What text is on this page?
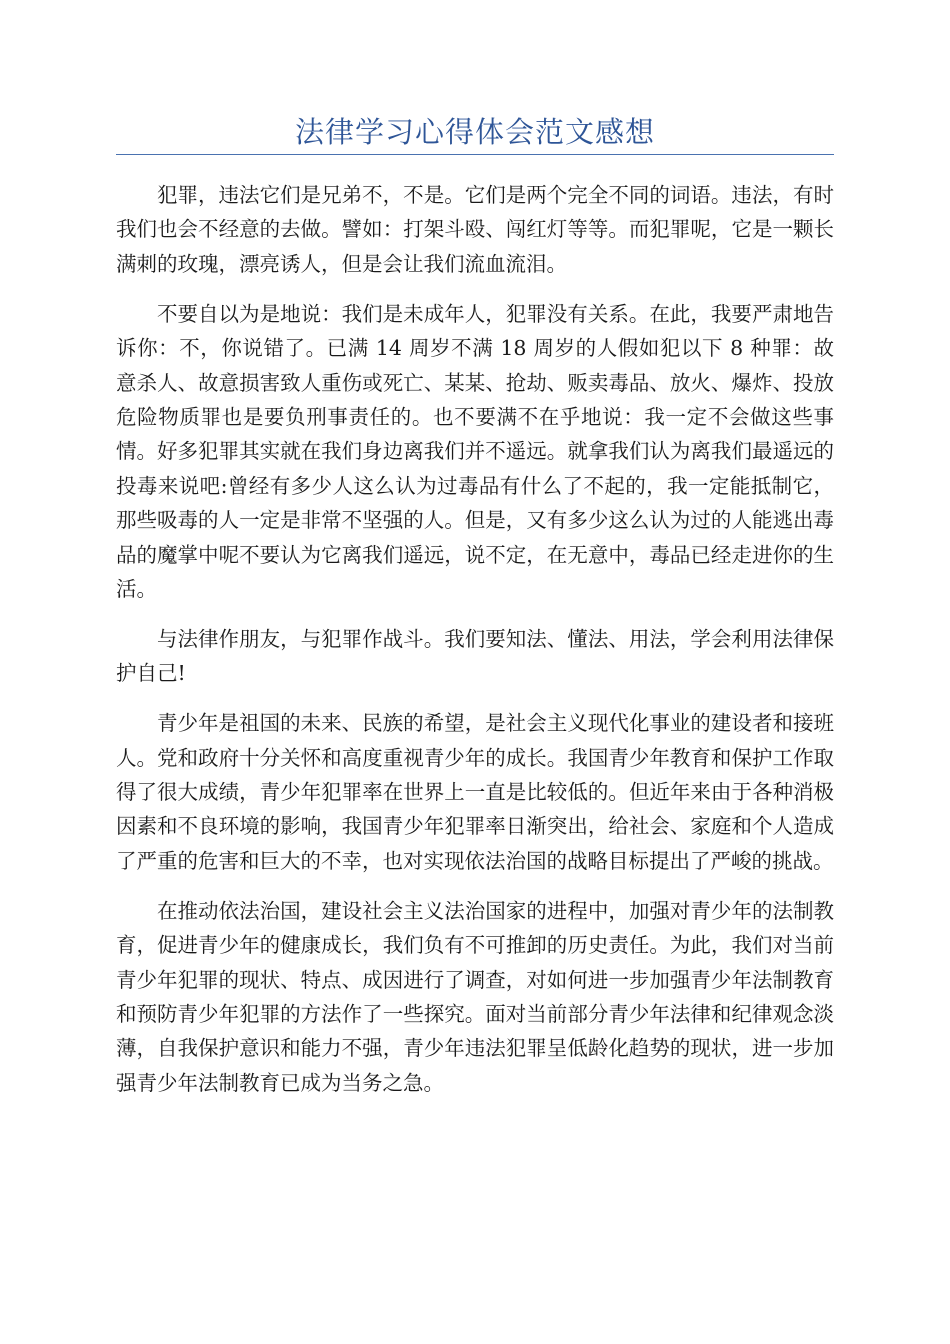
法律学习心得体会范文感想

犯罪，违法它们是兄弟不，不是。它们是两个完全不同的词语。违法，有时我们也会不经意的去做。譬如：打架斗殴、闯红灯等等。而犯罪呢，它是一颗长满刺的玫瑰，漂亮诱人，但是会让我们流血流泪。

不要自以为是地说：我们是未成年人，犯罪没有关系。在此，我要严肃地告诉你：不，你说错了。已满 14 周岁不满 18 周岁的人假如犯以下 8 种罪：故意杀人、故意损害致人重伤或死亡、某某、抢劫、贩卖毒品、放火、爆炸、投放危险物质罪也是要负刑事责任的。也不要满不在乎地说：我一定不会做这些事情。好多犯罪其实就在我们身边离我们并不遥远。就拿我们认为离我们最遥远的投毒来说吧:曾经有多少人这么认为过毒品有什么了不起的，我一定能抵制它，那些吸毒的人一定是非常不坚强的人。但是，又有多少这么认为过的人能逃出毒品的魔掌中呢不要认为它离我们遥远，说不定，在无意中，毒品已经走进你的生活。

与法律作朋友，与犯罪作战斗。我们要知法、懂法、用法，学会利用法律保护自己!

青少年是祖国的未来、民族的希望，是社会主义现代化事业的建设者和接班人。党和政府十分关怀和高度重视青少年的成长。我国青少年教育和保护工作取得了很大成绩，青少年犯罪率在世界上一直是比较低的。但近年来由于各种消极因素和不良环境的影响，我国青少年犯罪率日渐突出，给社会、家庭和个人造成了严重的危害和巨大的不幸，也对实现依法治国的战略目标提出了严峻的挑战。

在推动依法治国，建设社会主义法治国家的进程中，加强对青少年的法制教育，促进青少年的健康成长，我们负有不可推卸的历史责任。为此，我们对当前青少年犯罪的现状、特点、成因进行了调查，对如何进一步加强青少年法制教育和预防青少年犯罪的方法作了一些探究。面对当前部分青少年法律和纪律观念淡薄，自我保护意识和能力不强，青少年违法犯罪呈低龄化趋势的现状，进一步加强青少年法制教育已成为当务之急。
